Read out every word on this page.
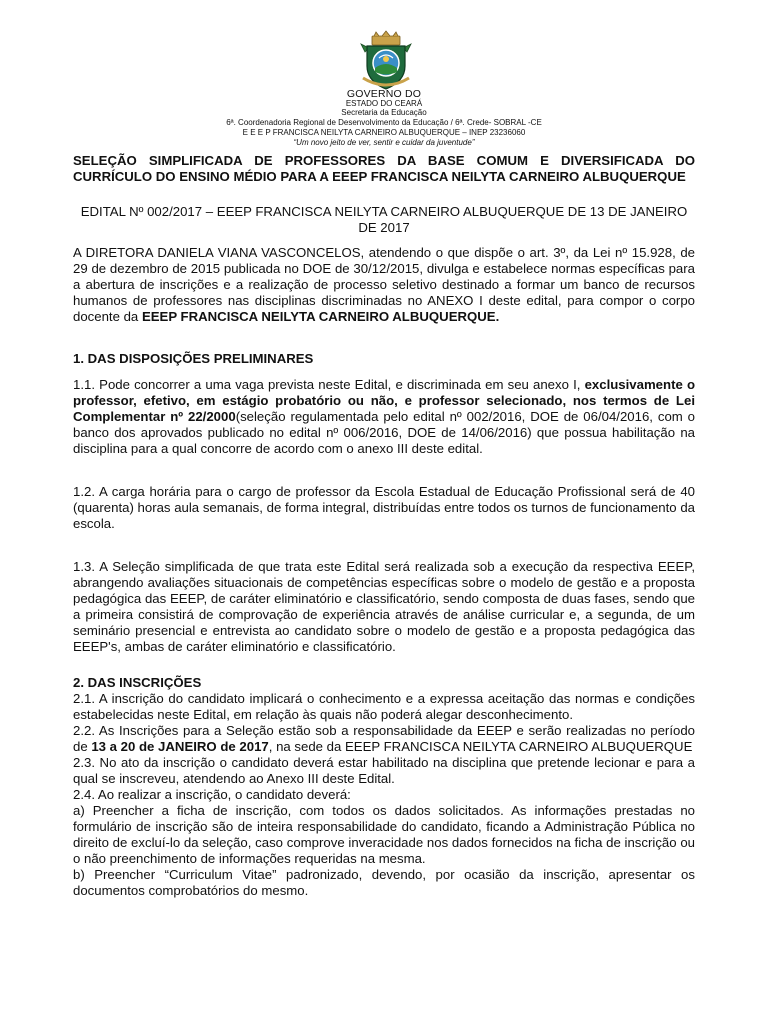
GOVERNO DO
ESTADO DO CEARÁ
Secretaria da Educação
6ª. Coordenadoria Regional de Desenvolvimento da Educação / 6ª. Crede- SOBRAL -CE
E E E P FRANCISCA NEILYTA CARNEIRO ALBUQUERQUE – INEP 23236060
“Um novo jeito de ver, sentir e cuidar da juventude”

SELEÇÃO SIMPLIFICADA DE PROFESSORES DA BASE COMUM E DIVERSIFICADA DO CURRÍCULO DO ENSINO MÉDIO PARA A EEEP FRANCISCA NEILYTA CARNEIRO ALBUQUERQUE

EDITAL Nº 002/2017 – EEEP FRANCISCA NEILYTA CARNEIRO ALBUQUERQUE DE 13 DE JANEIRO DE 2017

A DIRETORA DANIELA VIANA VASCONCELOS, atendendo o que dispõe o art. 3º, da Lei nº 15.928, de 29 de dezembro de 2015 publicada no DOE de 30/12/2015, divulga e estabelece normas específicas para a abertura de inscrições e a realização de processo seletivo destinado a formar um banco de recursos humanos de professores nas disciplinas discriminadas no ANEXO I deste edital, para compor o corpo docente da EEEP FRANCISCA NEILYTA CARNEIRO ALBUQUERQUE.

1. DAS DISPOSIÇÕES PRELIMINARES

1.1. Pode concorrer a uma vaga prevista neste Edital, e discriminada em seu anexo I, exclusivamente o professor, efetivo, em estágio probatório ou não, e professor selecionado, nos termos de Lei Complementar nº 22/2000(seleção regulamentada pelo edital nº 002/2016, DOE de 06/04/2016, com o banco dos aprovados publicado no edital nº 006/2016, DOE de 14/06/2016) que possua habilitação na disciplina para a qual concorre de acordo com o anexo III deste edital.

1.2. A carga horária para o cargo de professor da Escola Estadual de Educação Profissional será de 40 (quarenta) horas aula semanais, de forma integral, distribuídas entre todos os turnos de funcionamento da escola.

1.3. A Seleção simplificada de que trata este Edital será realizada sob a execução da respectiva EEEP, abrangendo avaliações situacionais de competências específicas sobre o modelo de gestão e a proposta pedagógica das EEEP, de caráter eliminatório e classificatório, sendo composta de duas fases, sendo que a primeira consistirá de comprovação de experiência através de análise curricular e, a segunda, de um seminário presencial e entrevista ao candidato sobre o modelo de gestão e a proposta pedagógica das EEEP's, ambas de caráter eliminatório e classificatório.

2. DAS INSCRIÇÕES

2.1. A inscrição do candidato implicará o conhecimento e a expressa aceitação das normas e condições estabelecidas neste Edital, em relação às quais não poderá alegar desconhecimento.

2.2. As Inscrições para a Seleção estão sob a responsabilidade da EEEP e serão realizadas no período de 13 a 20 de JANEIRO de 2017, na sede da EEEP FRANCISCA NEILYTA CARNEIRO ALBUQUERQUE

2.3. No ato da inscrição o candidato deverá estar habilitado na disciplina que pretende lecionar e para a qual se inscreveu, atendendo ao Anexo III deste Edital.

2.4. Ao realizar a inscrição, o candidato deverá:

a) Preencher a ficha de inscrição, com todos os dados solicitados. As informações prestadas no formulário de inscrição são de inteira responsabilidade do candidato, ficando a Administração Pública no direito de excluí-lo da seleção, caso comprove inveracidade nos dados fornecidos na ficha de inscrição ou o não preenchimento de informações requeridas na mesma.

b) Preencher “Curriculum Vitae” padronizado, devendo, por ocasião da inscrição, apresentar os documentos comprobatórios do mesmo.
